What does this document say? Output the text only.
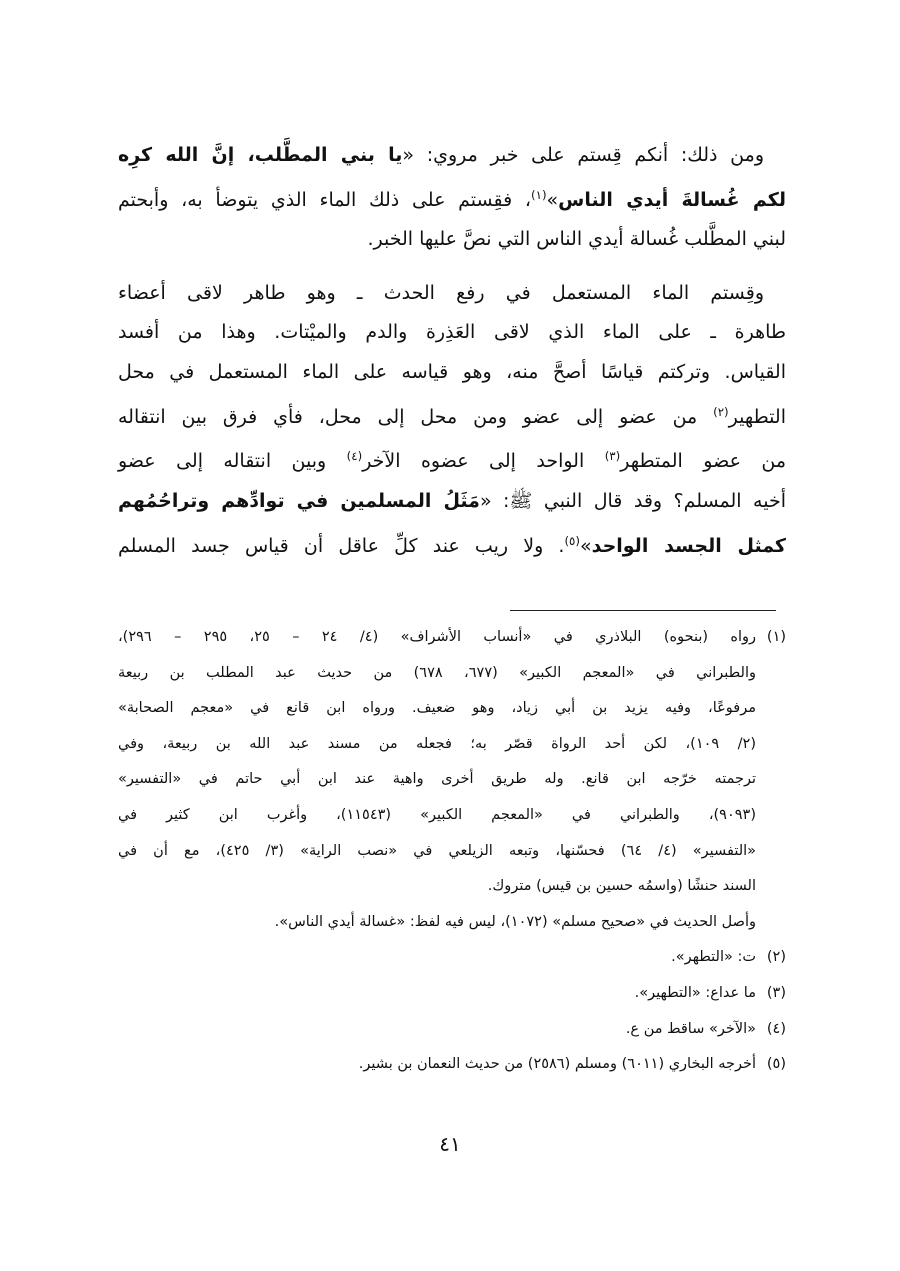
ومن ذلك: أنكم قِستم على خبر مروي: «يا بني المطَّلب، إنَّ الله كرِه
لكم غُسالةَ أيدي الناس»$^{(١)}$، فقِستم على ذلك الماء الذي يتوضأ به، وأبحتم
لبني المطَّلب غُسالة أيدي الناس التي نصَّ عليها الخبر.
وقِستم الماء المستعمل في رفع الحدث ـ وهو طاهر لاقى أعضاء
طاهرة ـ على الماء الذي لاقى العَذِرة والدم والميْتات. وهذا من أفسد
القياس. وتركتم قياسًا أصحَّ منه، وهو قياسه على الماء المستعمل في محل
التطهير$^{(٢)}$ من عضو إلى عضو ومن محل إلى محل، فأي فرق بين انتقاله
من عضو المتطهر$^{(٣)}$ الواحد إلى عضوه الآخر$^{(٤)}$ وبين انتقاله إلى عضو
أخيه المسلم؟ وقد قال النبي ﷺ: «مَثَلُ المسلمين في توادِّهم وتراحُمُهم
كمثل الجسد الواحد»$^{(٥)}$. ولا ريب عند كلِّ عاقل أن قياس جسد المسلم
(١)رواه (بنحوه) البلاذري في «أنساب الأشراف» (٤/ ٢٤ – ٢٥، ٢٩٥ – ٢٩٦)،
والطبراني في «المعجم الكبير» (٦٧٧، ٦٧٨) من حديث عبد المطلب بن ربيعة
مرفوعًا، وفيه يزيد بن أبي زياد، وهو ضعيف. ورواه ابن قانع في «معجم الصحابة»
(٢/ ١٠٩)، لكن أحد الرواة قصّر به؛ فجعله من مسند عبد الله بن ربيعة، وفي
ترجمته خرّجه ابن قانع. وله طريق أخرى واهية عند ابن أبي حاتم في «التفسير»
(٩٠٩٣)، والطبراني في «المعجم الكبير» (١١٥٤٣)، وأغرب ابن كثير في
«التفسير» (٤/ ٦٤) فحسّنها، وتبعه الزيلعي في «نصب الراية» (٣/ ٤٢٥)، مع أن في
السند حنشًا (واسمُه حسين بن قيس) متروك.
وأصل الحديث في «صحيح مسلم» (١٠٧٢)، ليس فيه لفظ: «غسالة أيدي الناس».
(٢)ت: «التطهر».
(٣)ما عداع: «التطهير».
(٤)«الآخر» ساقط من ع.
(٥)أخرجه البخاري (٦٠١١) ومسلم (٢٥٨٦) من حديث النعمان بن بشير.
٤١
